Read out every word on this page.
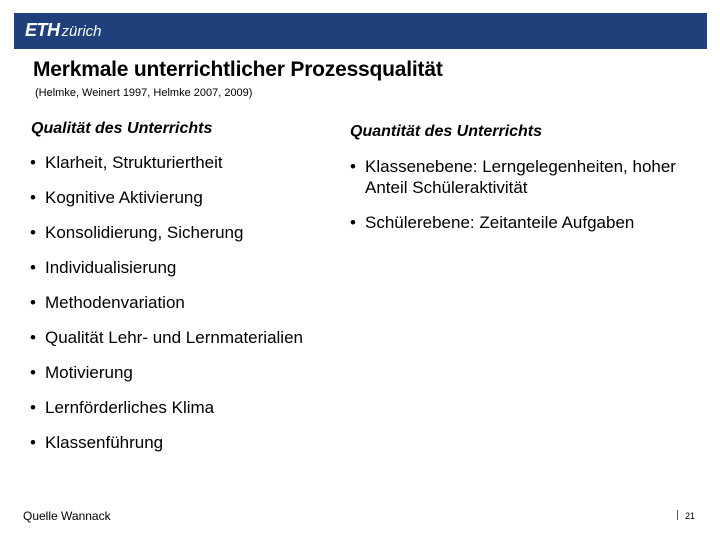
ETH zürich
Merkmale unterrichtlicher Prozessqualität
(Helmke, Weinert 1997, Helmke 2007, 2009)
Qualität des Unterrichts
• Klarheit, Strukturiertheit
• Kognitive Aktivierung
• Konsolidierung, Sicherung
• Individualisierung
• Methodenvariation
• Qualität Lehr- und Lernmaterialien
• Motivierung
• Lernförderliches Klima
• Klassenführung
Quantität des Unterrichts
• Klassenebene: Lerngelegenheiten, hoher Anteil Schüleraktivität
• Schülerebene: Zeitanteile Aufgaben
Quelle Wannack	21
